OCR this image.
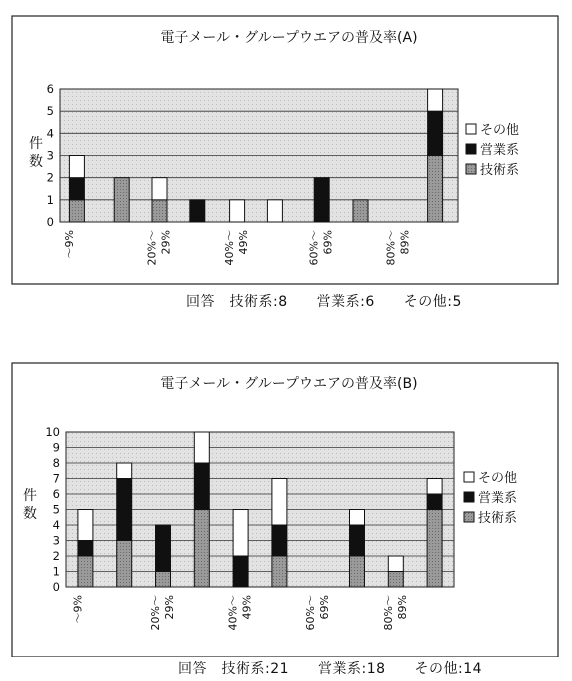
電子メール・グループウエアの普及率(A)
0
1
2
3
4
5
6
件数
〜9%	20%〜 29%	40%〜 49%	60%〜 69%	80%〜 89%
その他
営業系
技術系
回答　技術系:8　　営業系:6　　その他:5
電子メール・グループウエアの普及率(B)
0
1
2
3
4
5
6
7
8
9
10
件数
〜9%	20%〜 29%	40%〜 49%	60%〜 69%	80%〜 89%
その他
営業系
技術系
回答　技術系:21　　営業系:18　　その他:14
